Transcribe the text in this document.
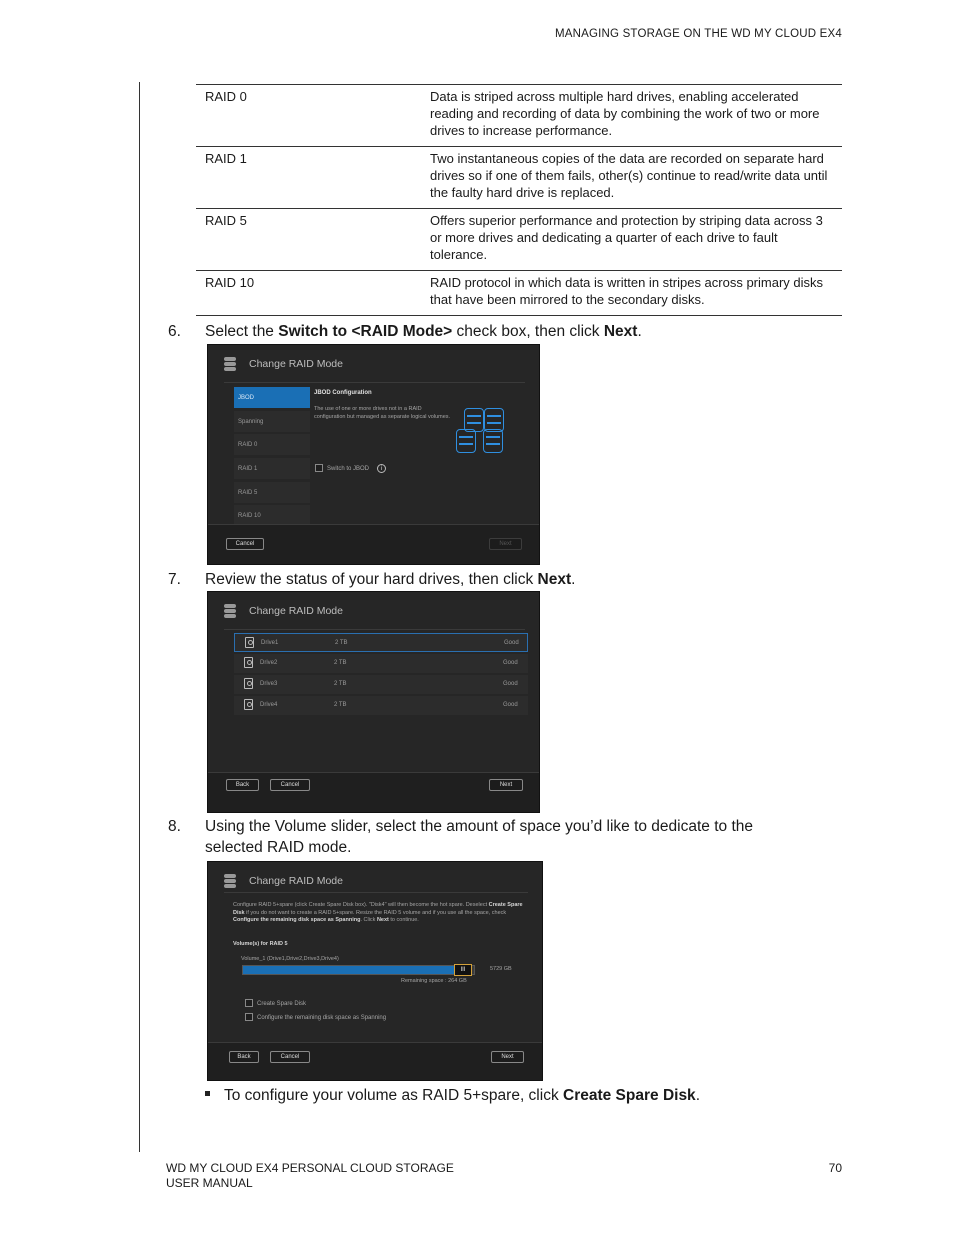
MANAGING STORAGE ON THE WD MY CLOUD EX4
RAID 0	Data is striped across multiple hard drives, enabling accelerated reading and recording of data by combining the work of two or more drives to increase performance.
RAID 1	Two instantaneous copies of the data are recorded on separate hard drives so if one of them fails, other(s) continue to read/write data until the faulty hard drive is replaced.
RAID 5	Offers superior performance and protection by striping data across 3 or more drives and dedicating a quarter of each drive to fault tolerance.
RAID 10	RAID protocol in which data is written in stripes across primary disks that have been mirrored to the secondary disks.
6.	Select the Switch to <RAID Mode> check box, then click Next.
Change RAID Mode
JBOD
Spanning
RAID 0
RAID 1
RAID 5
RAID 10
JBOD Configuration
The use of one or more drives not in a RAID configuration but managed as separate logical volumes.
Switch to JBOD	i
Cancel	Next
7.	Review the status of your hard drives, then click Next.
Change RAID Mode
Drive1	2 TB	Good
Drive2	2 TB	Good
Drive3	2 TB	Good
Drive4	2 TB	Good
Back	Cancel	Next
8.	Using the Volume slider, select the amount of space you’d like to dedicate to the selected RAID mode.
Change RAID Mode
Configure RAID 5+spare (click Create Spare Disk box). "Disk4" will then become the hot spare. Deselect Create Spare Disk if you do not want to create a RAID 5+spare. Resize the RAID 5 volume and if you use all the space, check Configure the remaining disk space as Spanning. Click Next to continue.
Volume(s) for RAID 5
Volume_1 (Drive1,Drive2,Drive3,Drive4)
III	5729 GB
Remaining space : 264 GB
Create Spare Disk
Configure the remaining disk space as Spanning
Back	Cancel	Next
To configure your volume as RAID 5+spare, click Create Spare Disk.
WD MY CLOUD EX4 PERSONAL CLOUD STORAGE
USER MANUAL
70
